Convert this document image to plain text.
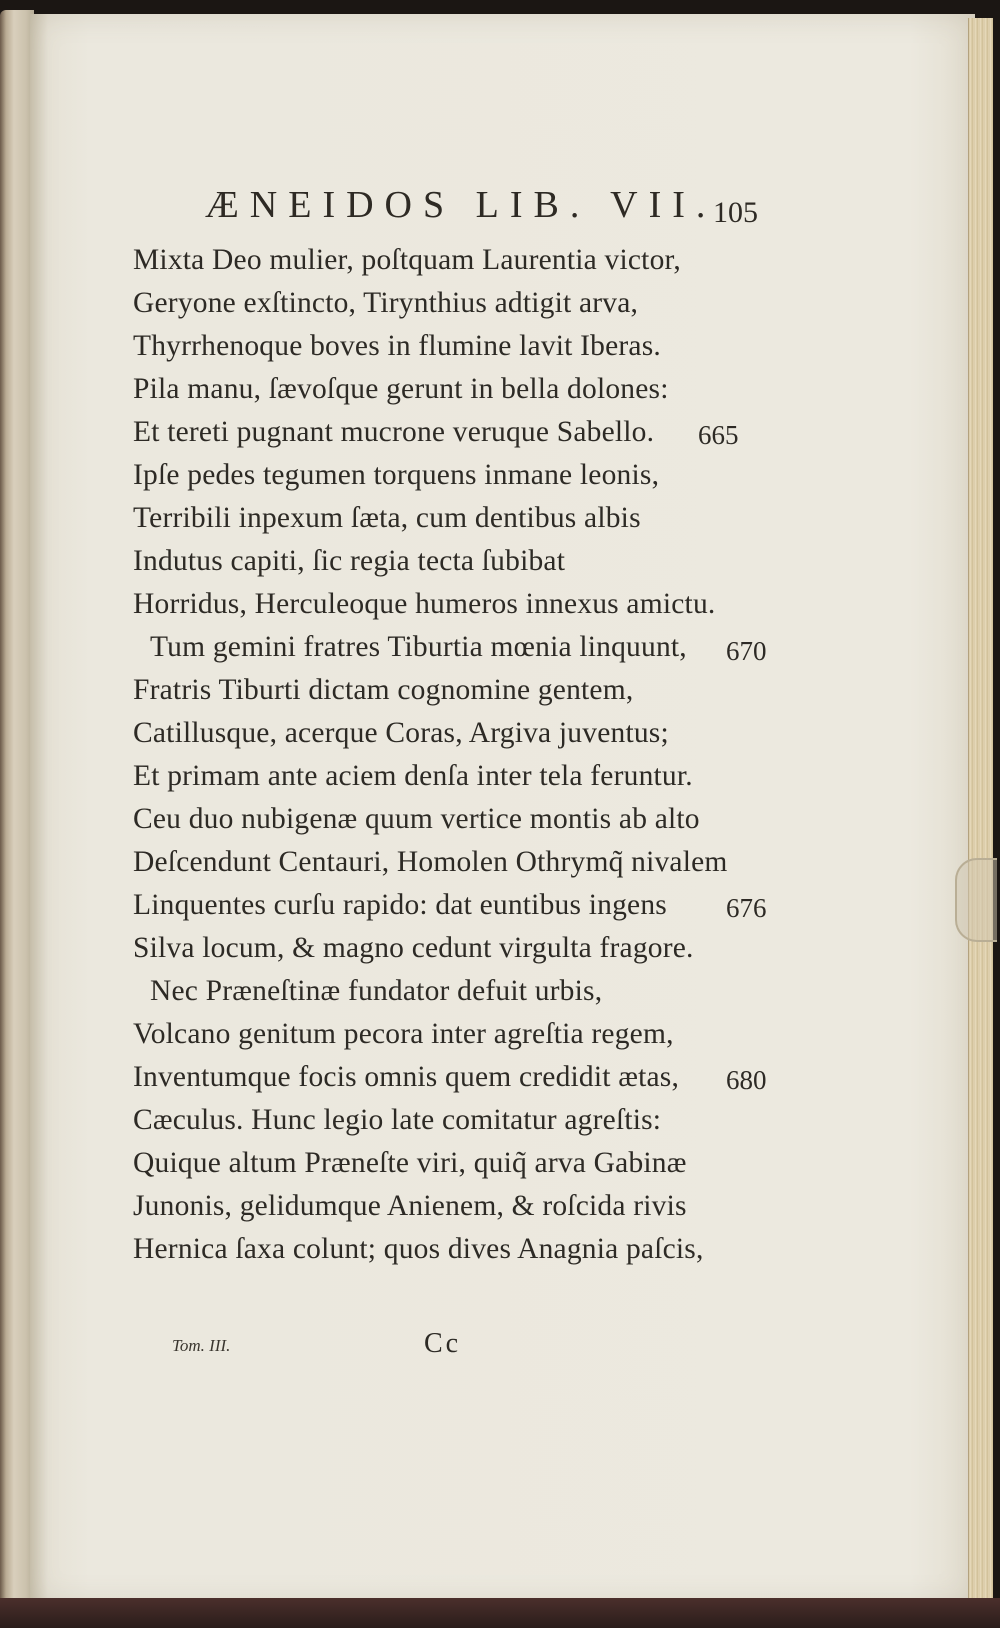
ÆNEIDOS LIB. VII.
105
Mixta Deo mulier, poſtquam Laurentia victor,
Geryone exſtincto, Tirynthius adtigit arva,
Thyrrhenoque boves in flumine lavit Iberas.
Pila manu, ſævoſque gerunt in bella dolones:
Et tereti pugnant mucrone veruque Sabello.	665
Ipſe pedes tegumen torquens inmane leonis,
Terribili inpexum ſæta, cum dentibus albis
Indutus capiti, ſic regia tecta ſubibat
Horridus, Herculeoque humeros innexus amictu.
Tum gemini fratres Tiburtia mœnia linquunt,	670
Fratris Tiburti dictam cognomine gentem,
Catillusque, acerque Coras, Argiva juventus;
Et primam ante aciem denſa inter tela feruntur.
Ceu duo nubigenæ quum vertice montis ab alto
Deſcendunt Centauri, Homolen Othrymq̃ nivalem
Linquentes curſu rapido: dat euntibus ingens	676
Silva locum, & magno cedunt virgulta fragore.
Nec Præneſtinæ fundator defuit urbis,
Volcano genitum pecora inter agreſtia regem,
Inventumque focis omnis quem credidit ætas,	680
Cæculus. Hunc legio late comitatur agreſtis:
Quique altum Præneſte viri, quiq̃ arva Gabinæ
Junonis, gelidumque Anienem, & roſcida rivis
Hernica ſaxa colunt; quos dives Anagnia paſcis,
Tom. III.	Cc
